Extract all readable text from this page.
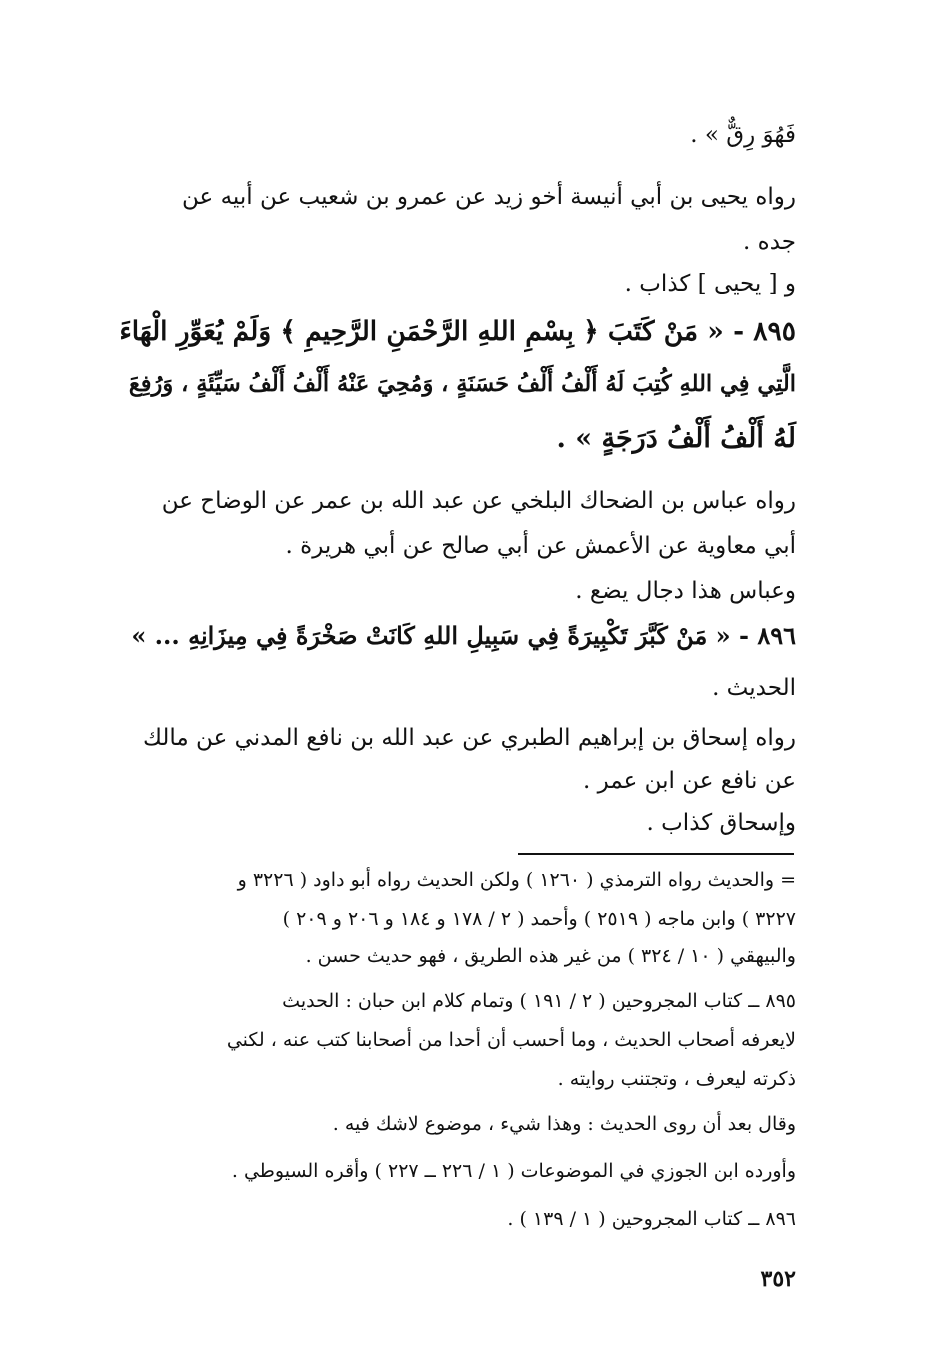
فَهُوَ رِقٌّ » .
رواه يحيى بن أبي أنيسة أخو زيد عن عمرو بن شعيب عن أبيه عن
جده .
و [ يحيى ] كذاب .
٨٩٥ - « مَنْ كَتَبَ ﴿ بِسْمِ اللهِ الرَّحْمَنِ الرَّحِيمِ ﴾ وَلَمْ يُعَوِّرِ الْهَاءَ
الَّتِي فِي اللهِ كُتِبَ لَهُ أَلْفُ أَلْفُ حَسَنَةٍ ، وَمُحِيَ عَنْهُ أَلْفُ أَلْفُ سَيِّئَةٍ ، وَرُفِعَ
لَهُ أَلْفُ أَلْفُ دَرَجَةٍ » .
رواه عباس بن الضحاك البلخي عن عبد الله بن عمر عن الوضاح عن
أبي معاوية عن الأعمش عن أبي صالح عن أبي هريرة .
وعباس هذا دجال يضع .
٨٩٦ - « مَنْ كَبَّرَ تَكْبِيرَةً فِي سَبِيلِ اللهِ كَانَتْ صَخْرَةً فِي مِيزَانِهِ ... »
الحديث .
رواه إسحاق بن إبراهيم الطبري عن عبد الله بن نافع المدني عن مالك
عن نافع عن ابن عمر .
وإسحاق كذاب .
= والحديث رواه الترمذي ( ١٢٦٠ ) ولكن الحديث رواه أبو داود ( ٣٢٢٦ و
٣٢٢٧ ) وابن ماجه ( ٢٥١٩ ) وأحمد ( ٢ / ١٧٨ و ١٨٤ و ٢٠٦ و ٢٠٩ )
والبيهقي ( ١٠ / ٣٢٤ ) من غير هذه الطريق ، فهو حديث حسن .
٨٩٥ ــ كتاب المجروحين ( ٢ / ١٩١ ) وتمام كلام ابن حبان : الحديث
لايعرفه أصحاب الحديث ، وما أحسب أن أحدا من أصحابنا كتب عنه ، لكني
ذكرته ليعرف ، وتجتنب روايته .
وقال بعد أن روى الحديث : وهذا شيء ، موضوع لاشك فيه .
وأورده ابن الجوزي في الموضوعات ( ١ / ٢٢٦ ــ ٢٢٧ ) وأقره السيوطي .
٨٩٦ ــ كتاب المجروحين ( ١ / ١٣٩ ) .
٣٥٢
